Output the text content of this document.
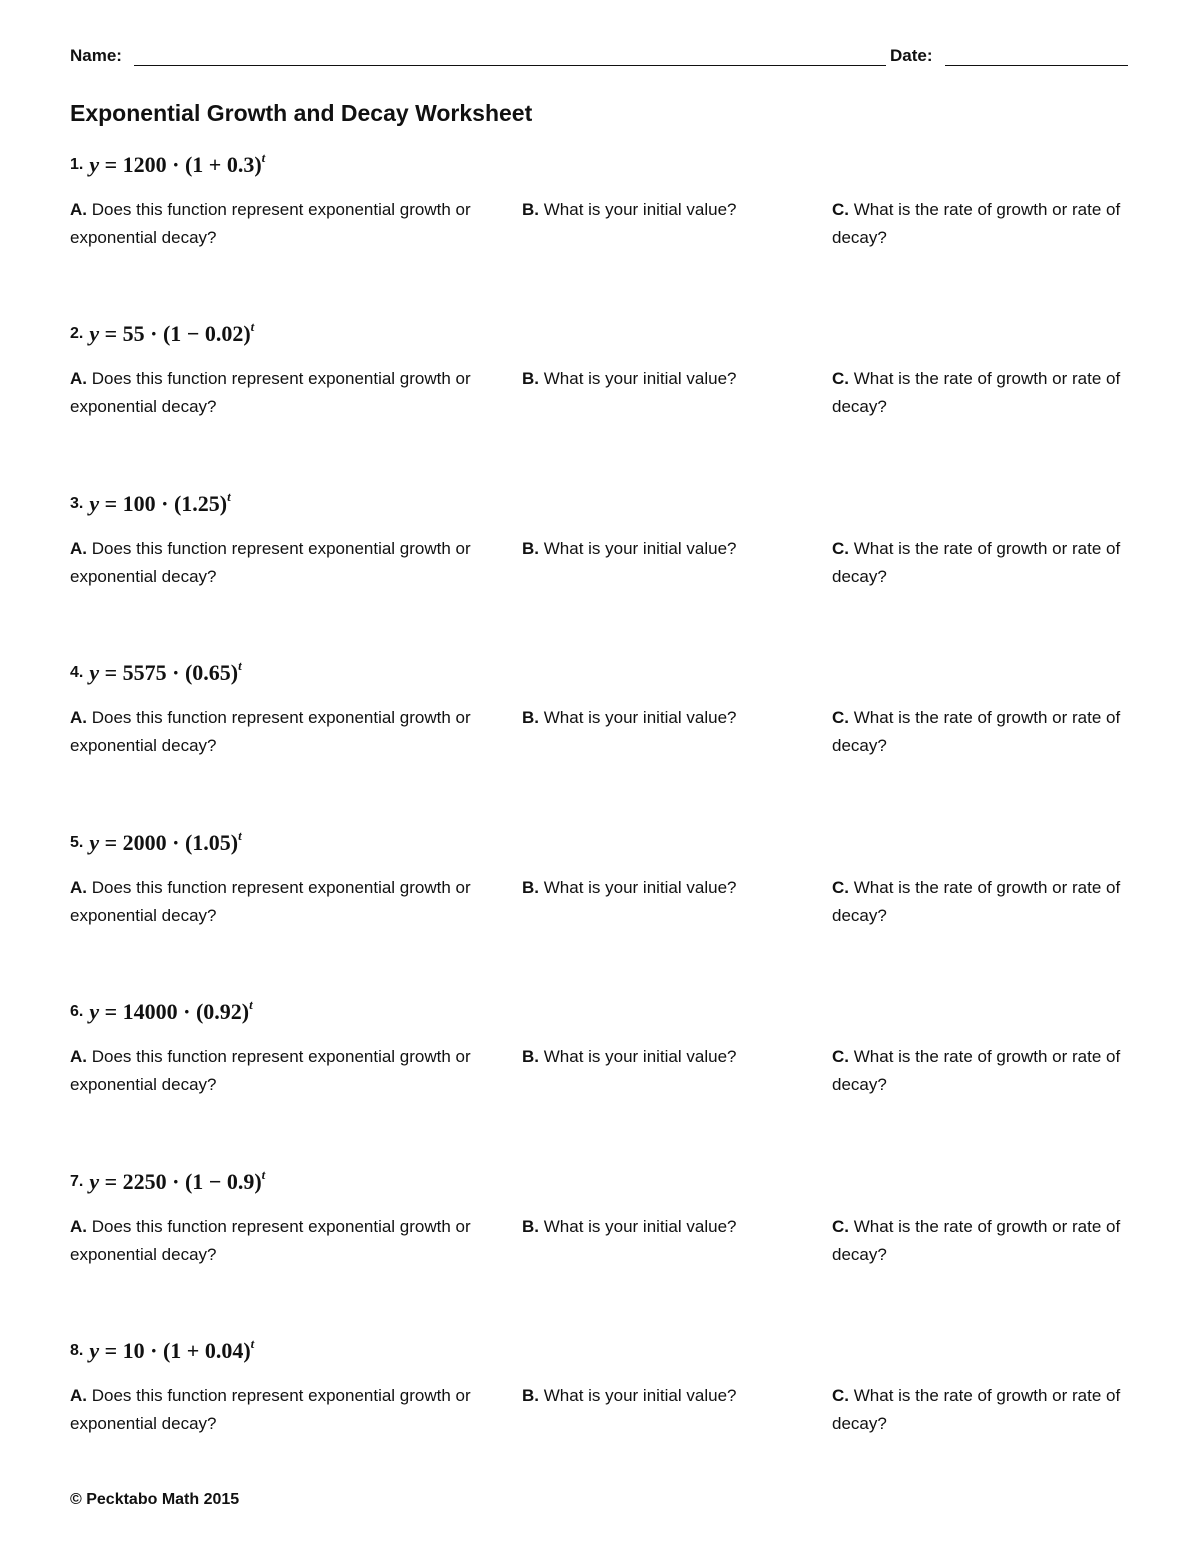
Name:	Date:
Exponential Growth and Decay Worksheet
1. $y = 1200 \cdot (1 + 0.3)^t$
A. Does this function represent exponential growth or exponential decay?
B. What is your initial value?	C. What is the rate of growth or rate of decay?
2. $y = 55 \cdot (1 - 0.02)^t$
A. Does this function represent exponential growth or exponential decay?
B. What is your initial value?	C. What is the rate of growth or rate of decay?
3. $y = 100 \cdot (1.25)^t$
A. Does this function represent exponential growth or exponential decay?
B. What is your initial value?	C. What is the rate of growth or rate of decay?
4. $y = 5575 \cdot (0.65)^t$
A. Does this function represent exponential growth or exponential decay?
B. What is your initial value?	C. What is the rate of growth or rate of decay?
5. $y = 2000 \cdot (1.05)^t$
A. Does this function represent exponential growth or exponential decay?
B. What is your initial value?	C. What is the rate of growth or rate of decay?
6. $y = 14000 \cdot (0.92)^t$
A. Does this function represent exponential growth or exponential decay?
B. What is your initial value?	C. What is the rate of growth or rate of decay?
7. $y = 2250 \cdot (1 - 0.9)^t$
A. Does this function represent exponential growth or exponential decay?
B. What is your initial value?	C. What is the rate of growth or rate of decay?
8. $y = 10 \cdot (1 + 0.04)^t$
A. Does this function represent exponential growth or exponential decay?
B. What is your initial value?	C. What is the rate of growth or rate of decay?
© Pecktabo Math 2015
